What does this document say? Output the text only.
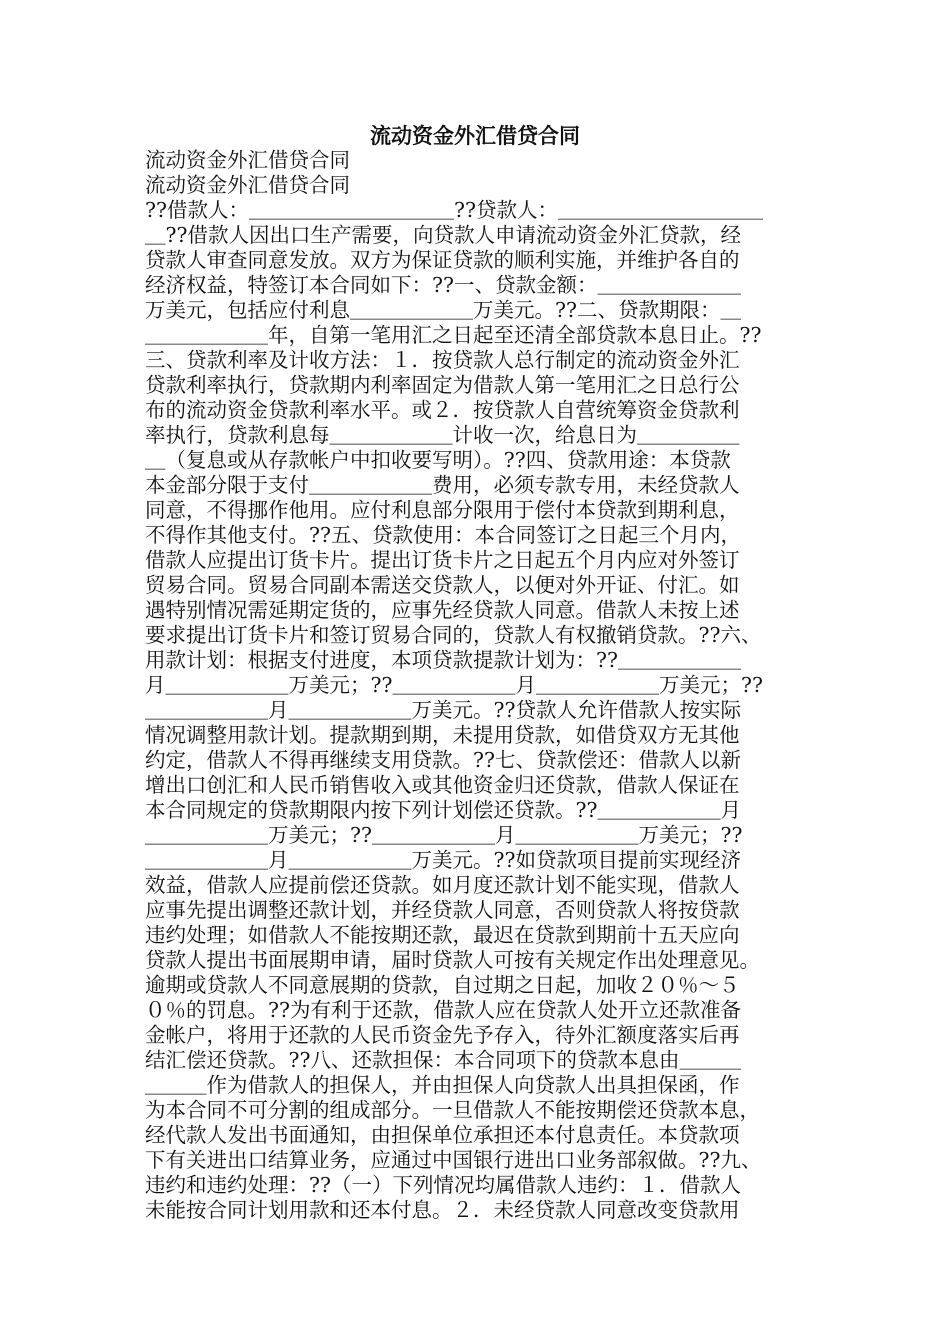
流动资金外汇借贷合同
流动资金外汇借贷合同
流动资金外汇借贷合同
??借款人：＿＿＿＿＿＿＿＿＿＿??贷款人：＿＿＿＿＿＿＿＿＿＿
＿??借款人因出口生产需要，向贷款人申请流动资金外汇贷款，经
贷款人审查同意发放。双方为保证贷款的顺利实施，并维护各自的
经济权益，特签订本合同如下：??一、贷款金额：＿＿＿＿＿＿＿
万美元，包括应付利息＿＿＿＿＿＿万美元。??二、贷款期限：＿
＿＿＿＿＿＿年，自第一笔用汇之日起至还清全部贷款本息日止。??
三、贷款利率及计收方法：１．按贷款人总行制定的流动资金外汇
贷款利率执行，贷款期内利率固定为借款人第一笔用汇之日总行公
布的流动资金贷款利率水平。或２．按贷款人自营统筹资金贷款利
率执行，贷款利息每＿＿＿＿＿＿计收一次，给息日为＿＿＿＿＿
＿（复息或从存款帐户中扣收要写明）。??四、贷款用途：本贷款
本金部分限于支付＿＿＿＿＿＿费用，必须专款专用，未经贷款人
同意，不得挪作他用。应付利息部分限用于偿付本贷款到期利息，
不得作其他支付。??五、贷款使用：本合同签订之日起三个月内，
借款人应提出订货卡片。提出订货卡片之日起五个月内应对外签订
贸易合同。贸易合同副本需送交贷款人，以便对外开证、付汇。如
遇特别情况需延期定货的，应事先经贷款人同意。借款人未按上述
要求提出订货卡片和签订贸易合同的，贷款人有权撤销贷款。??六、
用款计划：根据支付进度，本项贷款提款计划为：??＿＿＿＿＿＿
月＿＿＿＿＿＿万美元；??＿＿＿＿＿＿月＿＿＿＿＿＿万美元；??
＿＿＿＿＿＿月＿＿＿＿＿＿万美元。??贷款人允许借款人按实际
情况调整用款计划。提款期到期，未提用贷款，如借贷双方无其他
约定，借款人不得再继续支用贷款。??七、贷款偿还：借款人以新
增出口创汇和人民币销售收入或其他资金归还贷款，借款人保证在
本合同规定的贷款期限内按下列计划偿还贷款。??＿＿＿＿＿＿月
＿＿＿＿＿＿万美元；??＿＿＿＿＿＿月＿＿＿＿＿＿万美元；??
＿＿＿＿＿＿月＿＿＿＿＿＿万美元。??如贷款项目提前实现经济
效益，借款人应提前偿还贷款。如月度还款计划不能实现，借款人
应事先提出调整还款计划，并经贷款人同意，否则贷款人将按贷款
违约处理；如借款人不能按期还款，最迟在贷款到期前十五天应向
贷款人提出书面展期申请，届时贷款人可按有关规定作出处理意见。
逾期或贷款人不同意展期的贷款，自过期之日起，加收２０％～５
０％的罚息。??为有利于还款，借款人应在贷款人处开立还款准备
金帐户，将用于还款的人民币资金先予存入，待外汇额度落实后再
结汇偿还贷款。??八、还款担保：本合同项下的贷款本息由＿＿＿
＿＿＿作为借款人的担保人，并由担保人向贷款人出具担保函，作
为本合同不可分割的组成部分。一旦借款人不能按期偿还贷款本息，
经代款人发出书面通知，由担保单位承担还本付息责任。本贷款项
下有关进出口结算业务，应通过中国银行进出口业务部叙做。??九、
违约和违约处理：??（一）下列情况均属借款人违约：１．借款人
未能按合同计划用款和还本付息。２．未经贷款人同意改变贷款用
